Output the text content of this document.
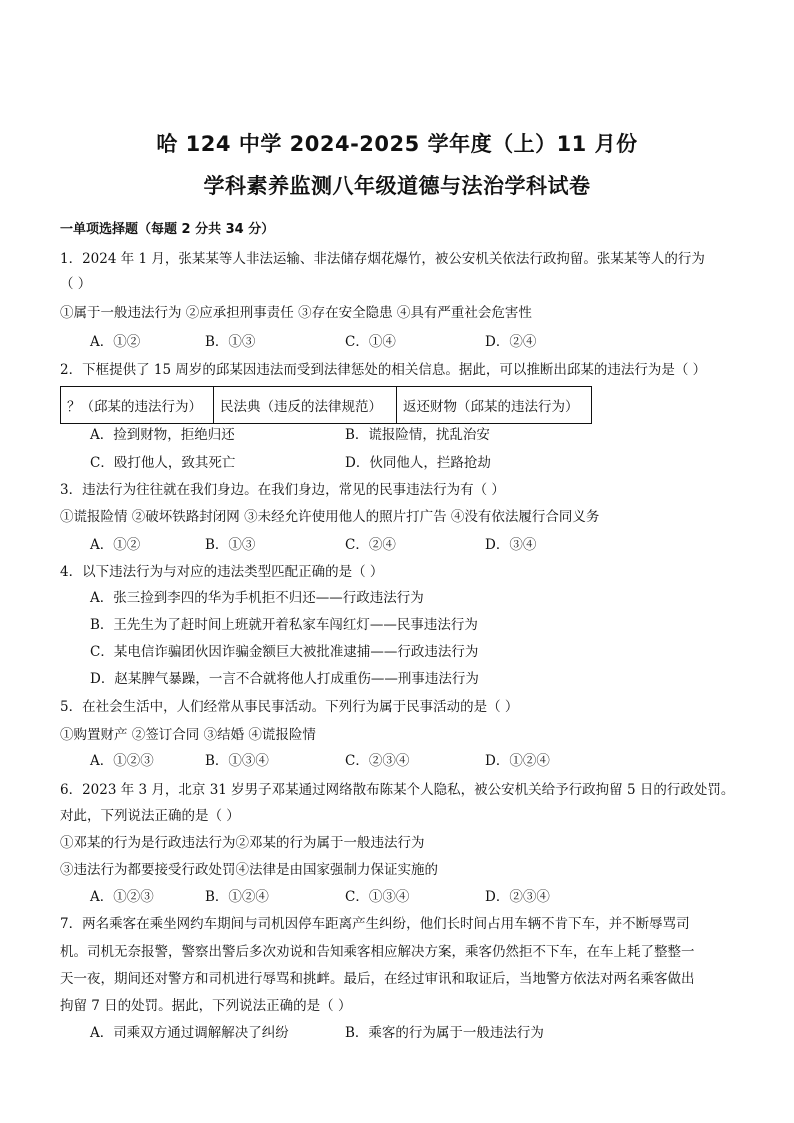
哈 124 中学 2024-2025 学年度（上）11 月份
学科素养监测八年级道德与法治学科试卷
一单项选择题（每题 2 分共 34 分）
1．2024 年 1 月，张某某等人非法运输、非法储存烟花爆竹，被公安机关依法行政拘留。张某某等人的行为
（ ）
①属于一般违法行为 ②应承担刑事责任 ③存在安全隐患 ④具有严重社会危害性
A．①②	B．①③	C．①④	D．②④
2．下框提供了 15 周岁的邱某因违法而受到法律惩处的相关信息。据此，可以推断出邱某的违法行为是（ ）
？（邱某的违法行为）	民法典（违反的法律规范）	返还财物（邱某的违法行为）
A．捡到财物，拒绝归还	B．谎报险情，扰乱治安
C．殴打他人，致其死亡	D．伙同他人，拦路抢劫
3．违法行为往往就在我们身边。在我们身边，常见的民事违法行为有（ ）
①谎报险情 ②破坏铁路封闭网 ③未经允许使用他人的照片打广告 ④没有依法履行合同义务
A．①②	B．①③	C．②④	D．③④
4．以下违法行为与对应的违法类型匹配正确的是（ ）
A．张三捡到李四的华为手机拒不归还——行政违法行为
B．王先生为了赶时间上班就开着私家车闯红灯——民事违法行为
C．某电信诈骗团伙因诈骗金额巨大被批准逮捕——行政违法行为
D．赵某脾气暴躁，一言不合就将他人打成重伤——刑事违法行为
5．在社会生活中，人们经常从事民事活动。下列行为属于民事活动的是（ ）
①购置财产 ②签订合同 ③结婚 ④谎报险情
A．①②③	B．①③④	C．②③④	D．①②④
6．2023 年 3 月，北京 31 岁男子邓某通过网络散布陈某个人隐私，被公安机关给予行政拘留 5 日的行政处罚。
对此，下列说法正确的是（ ）
①邓某的行为是行政违法行为②邓某的行为属于一般违法行为
③违法行为都要接受行政处罚④法律是由国家强制力保证实施的
A．①②③	B．①②④	C．①③④	D．②③④
7．两名乘客在乘坐网约车期间与司机因停车距离产生纠纷，他们长时间占用车辆不肯下车，并不断辱骂司
机。司机无奈报警，警察出警后多次劝说和告知乘客相应解决方案，乘客仍然拒不下车，在车上耗了整整一
天一夜，期间还对警方和司机进行辱骂和挑衅。最后，在经过审讯和取证后，当地警方依法对两名乘客做出
拘留 7 日的处罚。据此，下列说法正确的是（ ）
A．司乘双方通过调解解决了纠纷	B．乘客的行为属于一般违法行为
